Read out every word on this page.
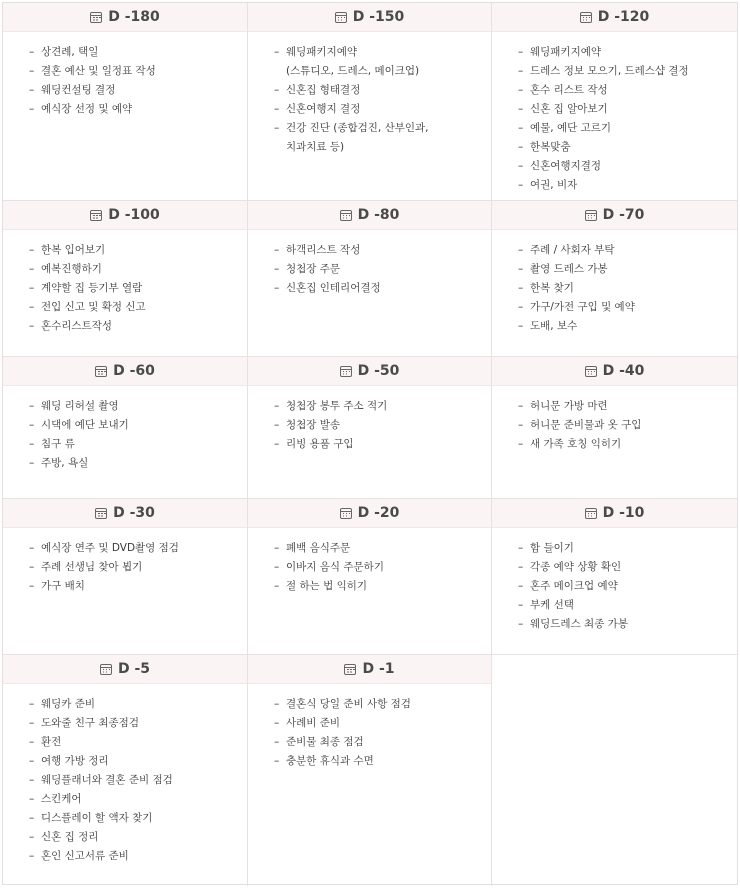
D -180
– 상견례, 택일
– 결혼 예산 및 일정표 작성
– 웨딩컨설팅 결정
– 예식장 선정 및 예약
D -150
– 웨딩패키지예약
(스튜디오, 드레스, 메이크업)
– 신혼집 형태결정
– 신혼여행지 결정
– 건강 진단 (종합검진, 산부인과,
치과치료 등)
D -120
– 웨딩패키지예약
– 드레스 정보 모으기, 드레스샵 결정
– 혼수 리스트 작성
– 신혼 집 알아보기
– 예물, 예단 고르기
– 한복맞춤
– 신혼여행지결정
– 여권, 비자
D -100
– 한복 입어보기
– 예복진행하기
– 계약할 집 등기부 열람
– 전입 신고 및 확정 신고
– 혼수리스트작성
D -80
– 하객리스트 작성
– 청첩장 주문
– 신혼집 인테리어결정
D -70
– 주례 / 사회자 부탁
– 촬영 드레스 가봉
– 한복 찾기
– 가구/가전 구입 및 예약
– 도배, 보수
D -60
– 웨딩 리허설 촬영
– 시댁에 예단 보내기
– 침구 류
– 주방, 욕실
D -50
– 청첩장 봉투 주소 적기
– 청첩장 발송
– 리빙 용품 구입
D -40
– 허니문 가방 마련
– 허니문 준비물과 옷 구입
– 새 가족 호칭 익히기
D -30
– 예식장 연주 및 DVD촬영 점검
– 주례 선생님 찾아 뵙기
– 가구 배치
D -20
– 폐백 음식주문
– 이바지 음식 주문하기
– 절 하는 법 익히기
D -10
– 함 들이기
– 각종 예약 상황 확인
– 혼주 메이크업 예약
– 부케 선택
– 웨딩드레스 최종 가봉
D -5
– 웨딩카 준비
– 도와줄 친구 최종점검
– 환전
– 여행 가방 정리
– 웨딩플래너와 결혼 준비 점검
– 스킨케어
– 디스플레이 할 액자 찾기
– 신혼 집 정리
– 혼인 신고서류 준비
D -1
– 결혼식 당일 준비 사항 점검
– 사례비 준비
– 준비물 최종 점검
– 충분한 휴식과 수면
